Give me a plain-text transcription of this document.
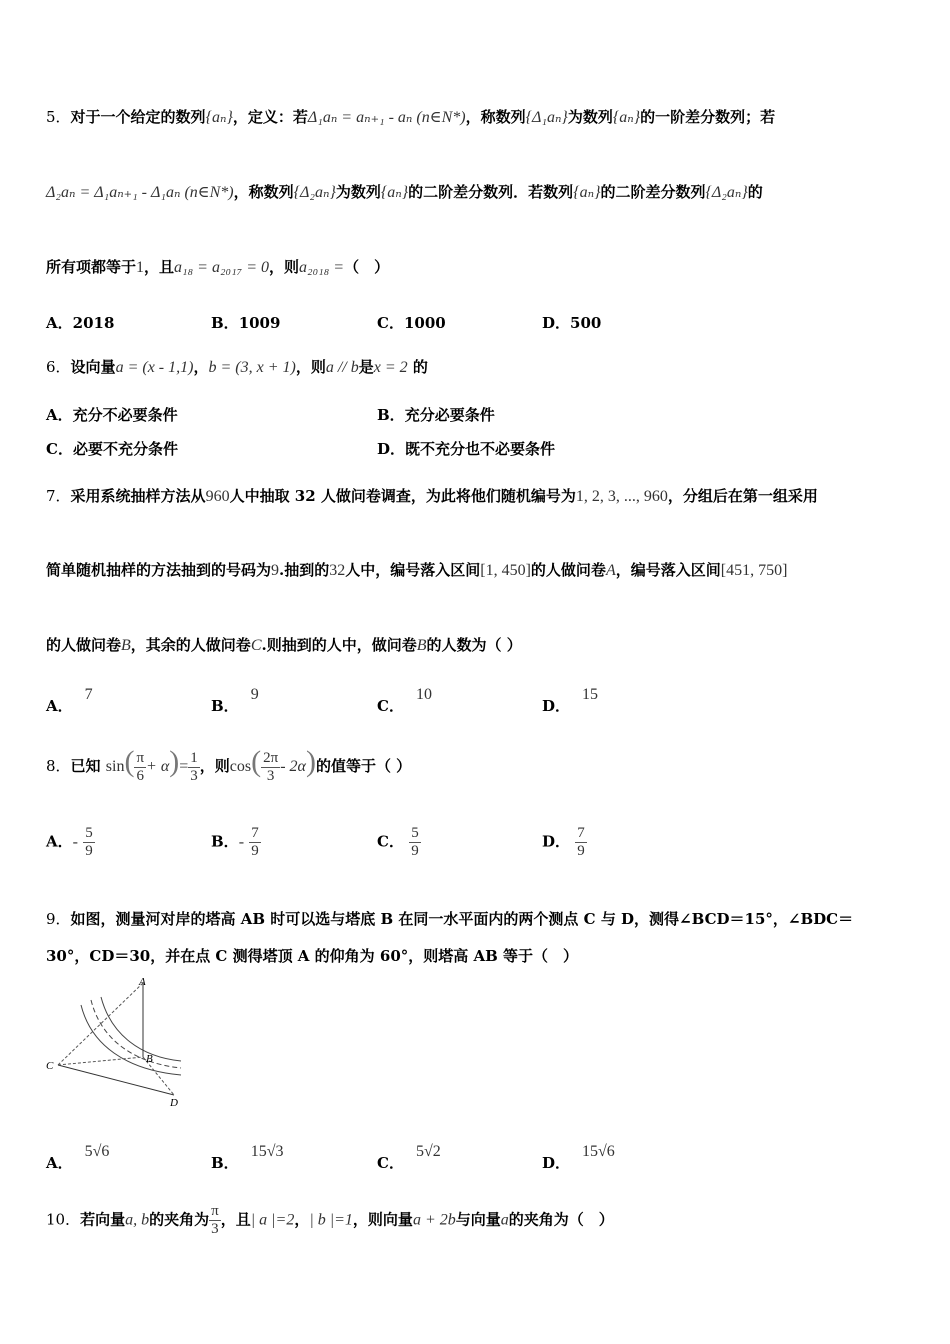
5．对于一个给定的数列{aₙ}，定义：若Δ₁aₙ = aₙ₊₁ - aₙ (n∈N*)，称数列{Δ₁aₙ}为数列{aₙ}的一阶差分数列；若
Δ₂aₙ = Δ₁aₙ₊₁ - Δ₁aₙ (n∈N*)，称数列{Δ₂aₙ}为数列{aₙ}的二阶差分数列．若数列{aₙ}的二阶差分数列{Δ₂aₙ}的
所有项都等于1，且a₁₈ = a₂₀₁₇ = 0，则a₂₀₁₈ =（　）
A．2018	B．1009	C．1000	D．500
6．设向量a = (x - 1,1)，b = (3, x + 1)，则a // b是x = 2 的
A．充分不必要条件	B．充分必要条件
C．必要不充分条件	D．既不充分也不必要条件
7．采用系统抽样方法从960人中抽取 32 人做问卷调查，为此将他们随机编号为1, 2, 3, ..., 960，分组后在第一组采用
简单随机抽样的方法抽到的号码为9.抽到的32人中，编号落入区间[1, 450]的人做问卷A，编号落入区间[451, 750]
的人做问卷B，其余的人做问卷C.则抽到的人中，做问卷B的人数为（ ）
A．7
B．9
C．10
D．15
8．已知 $\sin( \frac{\pi}{6} + \alpha)= \frac{1}{3}$ ，则$\cos( \frac{2\pi}{3} - 2\alpha)$的值等于（ ）
A．- $\frac{5}{9}$	B．- $\frac{7}{9}$	C． $\frac{5}{9}$	D． $\frac{7}{9}$
9．如图，测量河对岸的塔高 AB 时可以选与塔底 B 在同一水平面内的两个测点 C 与 D，测得∠BCD＝15°，∠BDC＝
30°，CD＝30，并在点 C 测得塔顶 A 的仰角为 60°，则塔高 AB 等于（　）
A
B
C
D
A．5√6
B．15√3
C．5√2
D．15√6
10．若向量a, b的夹角为 $\frac{\pi}{3}$ ，且| a |=2，| b |=1，则向量a + 2b与向量a的夹角为（　）
